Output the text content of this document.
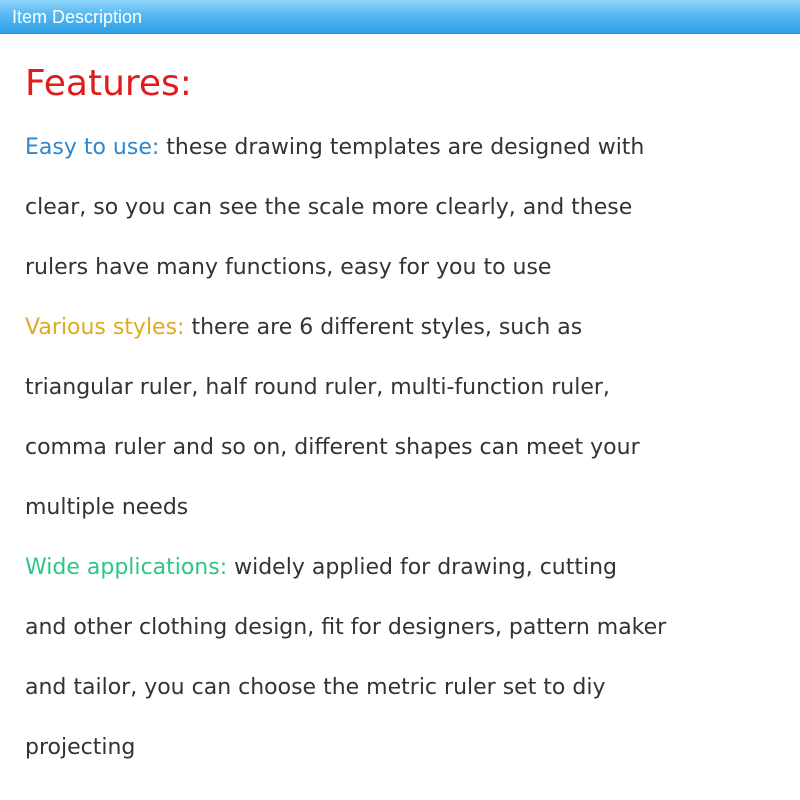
Item Description
Features:
Easy to use: these drawing templates are designed with
clear, so you can see the scale more clearly, and these
rulers have many functions, easy for you to use
Various styles: there are 6 different styles, such as
triangular ruler, half round ruler, multi-function ruler,
comma ruler and so on, different shapes can meet your
multiple needs
Wide applications: widely applied for drawing, cutting
and other clothing design, fit for designers, pattern maker
and tailor, you can choose the metric ruler set to diy
projecting
